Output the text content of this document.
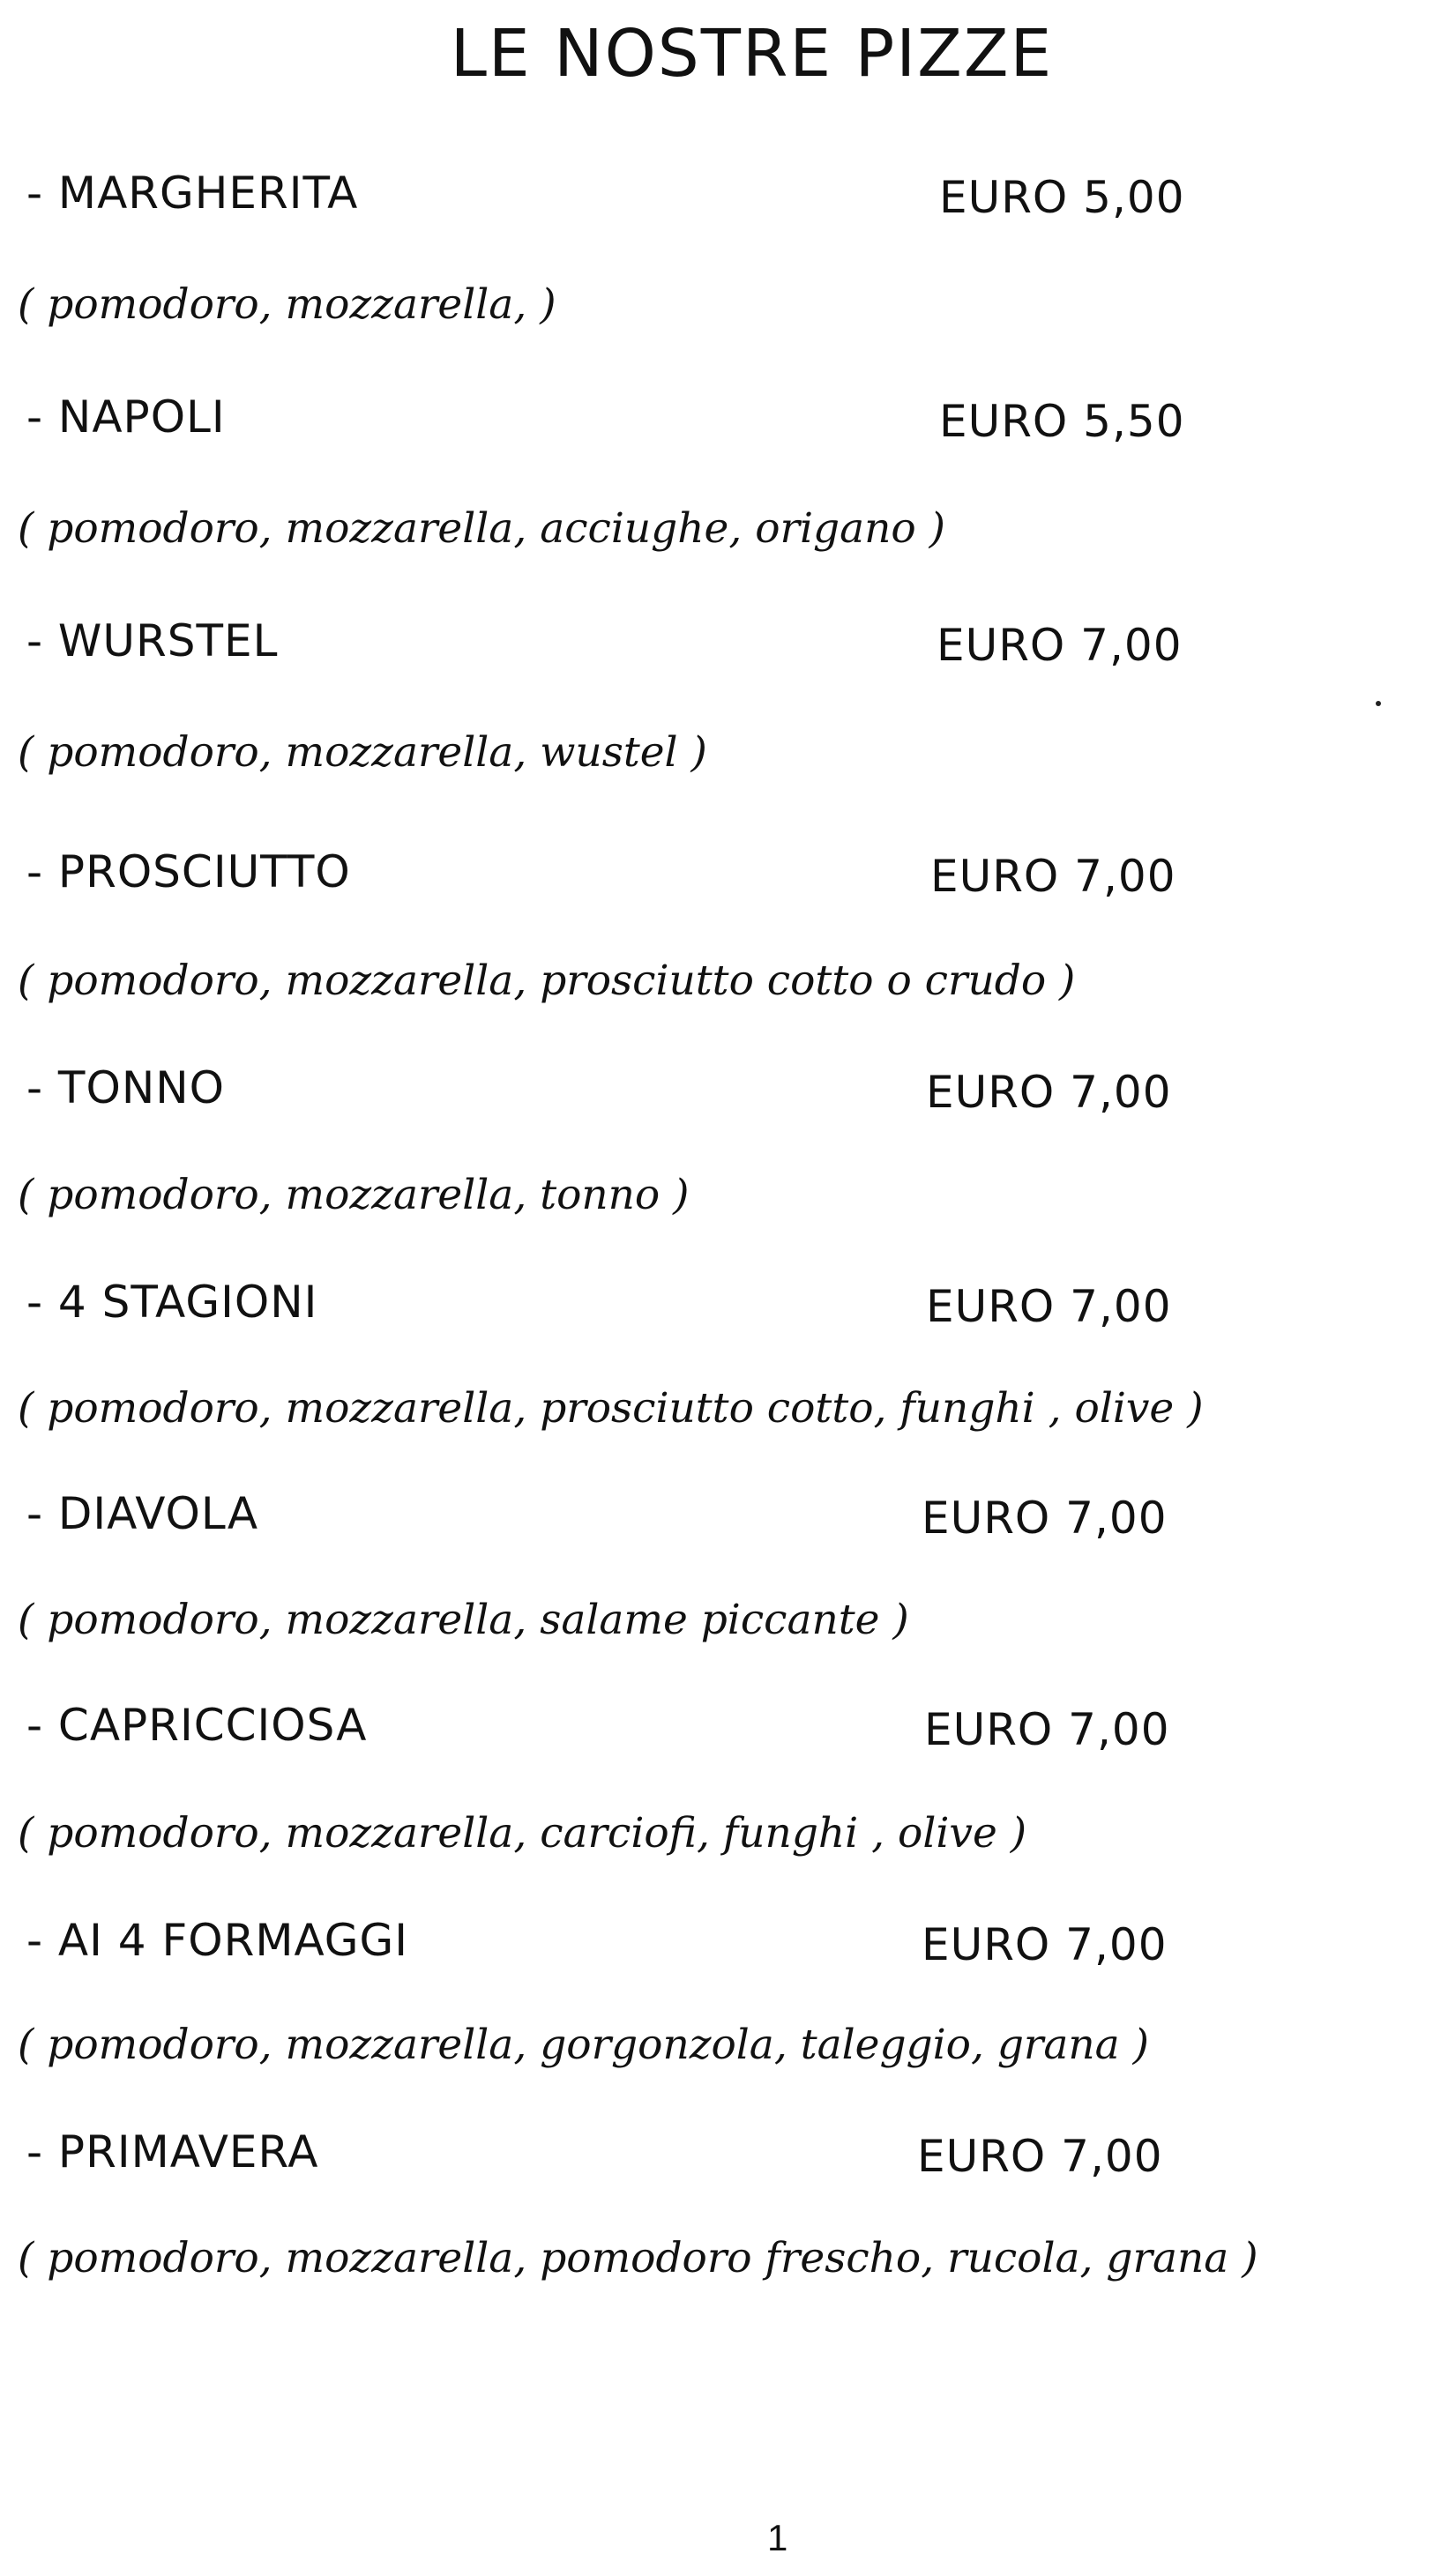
LE NOSTRE PIZZE
- MARGHERITA	EURO 5,00
( pomodoro, mozzarella, )
- NAPOLI	EURO 5,50
( pomodoro, mozzarella, acciughe, origano )
- WURSTEL	EURO 7,00
( pomodoro, mozzarella, wustel )
- PROSCIUTTO	EURO 7,00
( pomodoro, mozzarella, prosciutto cotto o crudo )
- TONNO	EURO 7,00
( pomodoro, mozzarella, tonno )
- 4 STAGIONI	EURO 7,00
( pomodoro, mozzarella, prosciutto cotto, funghi , olive )
- DIAVOLA	EURO 7,00
( pomodoro, mozzarella, salame piccante )
- CAPRICCIOSA	EURO 7,00
( pomodoro, mozzarella, carciofi, funghi , olive )
- AI 4 FORMAGGI	EURO 7,00
( pomodoro, mozzarella, gorgonzola, taleggio, grana )
- PRIMAVERA	EURO 7,00
( pomodoro, mozzarella, pomodoro frescho, rucola, grana )
1
